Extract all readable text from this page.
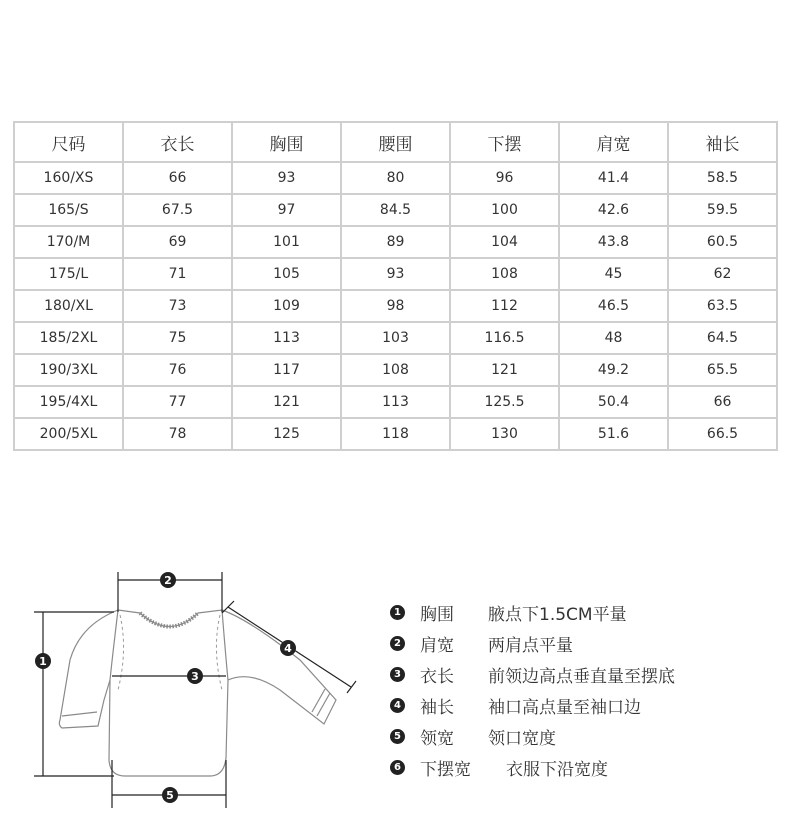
尺码	衣长	胸围	腰围	下摆	肩宽	袖长
160/XS	66	93	80	96	41.4	58.5
165/S	67.5	97	84.5	100	42.6	59.5
170/M	69	101	89	104	43.8	60.5
175/L	71	105	93	108	45	62
180/XL	73	109	98	112	46.5	63.5
185/2XL	75	113	103	116.5	48	64.5
190/3XL	76	117	108	121	49.2	65.5
195/4XL	77	121	113	125.5	50.4	66
200/5XL	78	125	118	130	51.6	66.5
1
2
3
4
5
1 胸围 腋点下1.5CM平量
2 肩宽 两肩点平量
3 衣长 前领边高点垂直量至摆底
4 袖长 袖口高点量至袖口边
5 领宽 领口宽度
6 下摆宽 衣服下沿宽度
